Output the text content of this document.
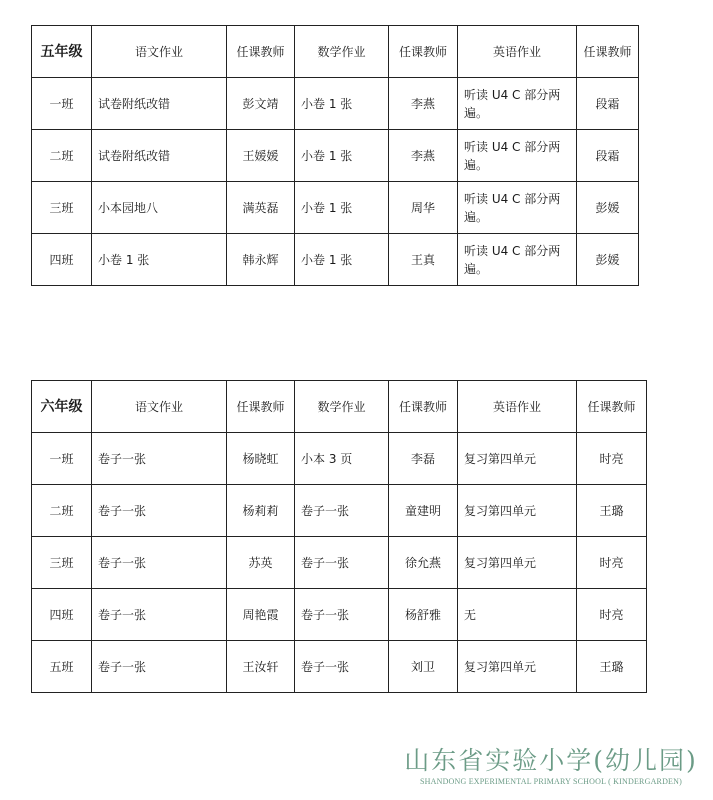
五年级	语文作业	任课教师	数学作业	任课教师	英语作业	任课教师
一班	试卷附纸改错	彭文靖	小卷 1 张	李燕	听读 U4 C 部分两遍。	段霜
二班	试卷附纸改错	王媛媛	小卷 1 张	李燕	听读 U4 C 部分两遍。	段霜
三班	小本园地八	满英磊	小卷 1 张	周华	听读 U4 C 部分两遍。	彭媛
四班	小卷 1 张	韩永辉	小卷 1 张	王真	听读 U4 C 部分两遍。	彭媛
六年级	语文作业	任课教师	数学作业	任课教师	英语作业	任课教师
一班	卷子一张	杨晓虹	小本 3 页	李磊	复习第四单元	时亮
二班	卷子一张	杨莉莉	卷子一张	童建明	复习第四单元	王璐
三班	卷子一张	苏英	卷子一张	徐允燕	复习第四单元	时亮
四班	卷子一张	周艳霞	卷子一张	杨舒雅	无	时亮
五班	卷子一张	王汝轩	卷子一张	刘卫	复习第四单元	王璐
山东省实验小学(幼儿园)
SHANDONG EXPERIMENTAL PRIMARY SCHOOL ( KINDERGARDEN)
